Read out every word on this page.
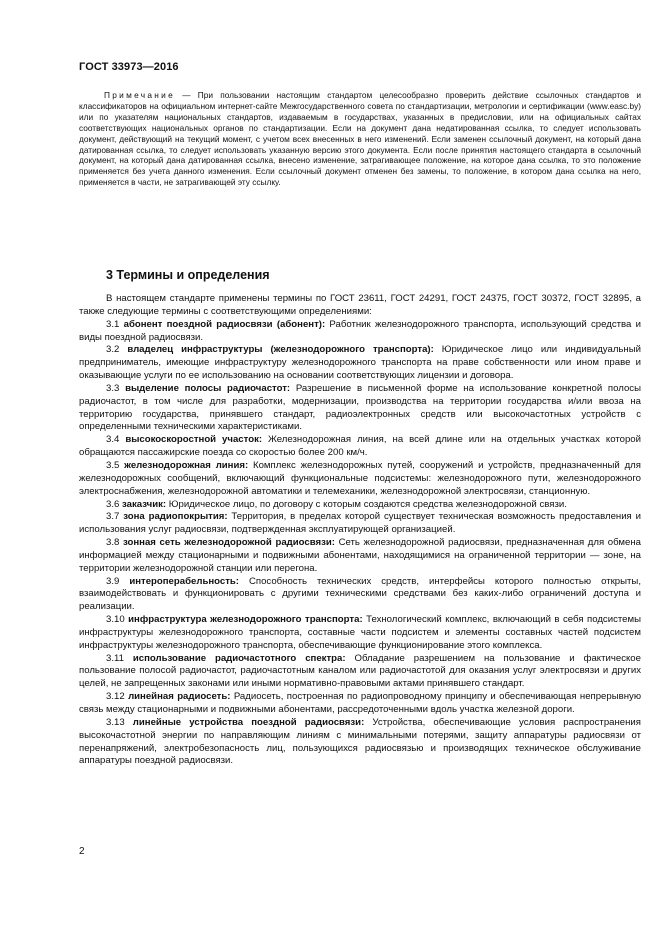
ГОСТ 33973—2016

Примечание — При пользовании настоящим стандартом целесообразно проверить действие ссылочных стандартов и классификаторов на официальном интернет-сайте Межгосударственного совета по стандартизации, метрологии и сертификации (www.easc.by) или по указателям национальных стандартов, издаваемым в государствах, указанных в предисловии, или на официальных сайтах соответствующих национальных органов по стандартизации. Если на документ дана недатированная ссылка, то следует использовать документ, действующий на текущий момент, с учетом всех внесенных в него изменений. Если заменен ссылочный документ, на который дана датированная ссылка, то следует использовать указанную версию этого документа. Если после принятия настоящего стандарта в ссылочный документ, на который дана датированная ссылка, внесено изменение, затрагивающее положение, на которое дана ссылка, то это положение применяется без учета данного изменения. Если ссылочный документ отменен без замены, то положение, в котором дана ссылка на него, применяется в части, не затрагивающей эту ссылку.

3 Термины и определения

В настоящем стандарте применены термины по ГОСТ 23611, ГОСТ 24291, ГОСТ 24375, ГОСТ 30372, ГОСТ 32895, а также следующие термины с соответствующими определениями:

3.1 абонент поездной радиосвязи (абонент): Работник железнодорожного транспорта, использующий средства и виды поездной радиосвязи.

3.2 владелец инфраструктуры (железнодорожного транспорта): Юридическое лицо или индивидуальный предприниматель, имеющие инфраструктуру железнодорожного транспорта на праве собственности или ином праве и оказывающие услуги по ее использованию на основании соответствующих лицензии и договора.

3.3 выделение полосы радиочастот: Разрешение в письменной форме на использование конкретной полосы радиочастот, в том числе для разработки, модернизации, производства на территории государства и/или ввоза на территорию государства, принявшего стандарт, радиоэлектронных средств или высокочастотных устройств с определенными техническими характеристиками.

3.4 высокоскоростной участок: Железнодорожная линия, на всей длине или на отдельных участках которой обращаются пассажирские поезда со скоростью более 200 км/ч.

3.5 железнодорожная линия: Комплекс железнодорожных путей, сооружений и устройств, предназначенный для железнодорожных сообщений, включающий функциональные подсистемы: железнодорожного пути, железнодорожного электроснабжения, железнодорожной автоматики и телемеханики, железнодорожной электросвязи, станционную.

3.6 заказчик: Юридическое лицо, по договору с которым создаются средства железнодорожной связи.

3.7 зона радиопокрытия: Территория, в пределах которой существует техническая возможность предоставления и использования услуг радиосвязи, подтвержденная эксплуатирующей организацией.

3.8 зонная сеть железнодорожной радиосвязи: Сеть железнодорожной радиосвязи, предназначенная для обмена информацией между стационарными и подвижными абонентами, находящимися на ограниченной территории — зоне, на территории железнодорожной станции или перегона.

3.9 интероперабельность: Способность технических средств, интерфейсы которого полностью открыты, взаимодействовать и функционировать с другими техническими средствами без каких-либо ограничений доступа и реализации.

3.10 инфраструктура железнодорожного транспорта: Технологический комплекс, включающий в себя подсистемы инфраструктуры железнодорожного транспорта, составные части подсистем и элементы составных частей подсистем инфраструктуры железнодорожного транспорта, обеспечивающие функционирование этого комплекса.

3.11 использование радиочастотного спектра: Обладание разрешением на пользование и фактическое пользование полосой радиочастот, радиочастотным каналом или радиочастотой для оказания услуг электросвязи и других целей, не запрещенных законами или иными нормативно-правовыми актами принявшего стандарт.

3.12 линейная радиосеть: Радиосеть, построенная по радиопроводному принципу и обеспечивающая непрерывную связь между стационарными и подвижными абонентами, рассредоточенными вдоль участка железной дороги.

3.13 линейные устройства поездной радиосвязи: Устройства, обеспечивающие условия распространения высокочастотной энергии по направляющим линиям с минимальными потерями, защиту аппаратуры радиосвязи от перенапряжений, электробезопасность лиц, пользующихся радиосвязью и производящих техническое обслуживание аппаратуры поездной радиосвязи.

2
